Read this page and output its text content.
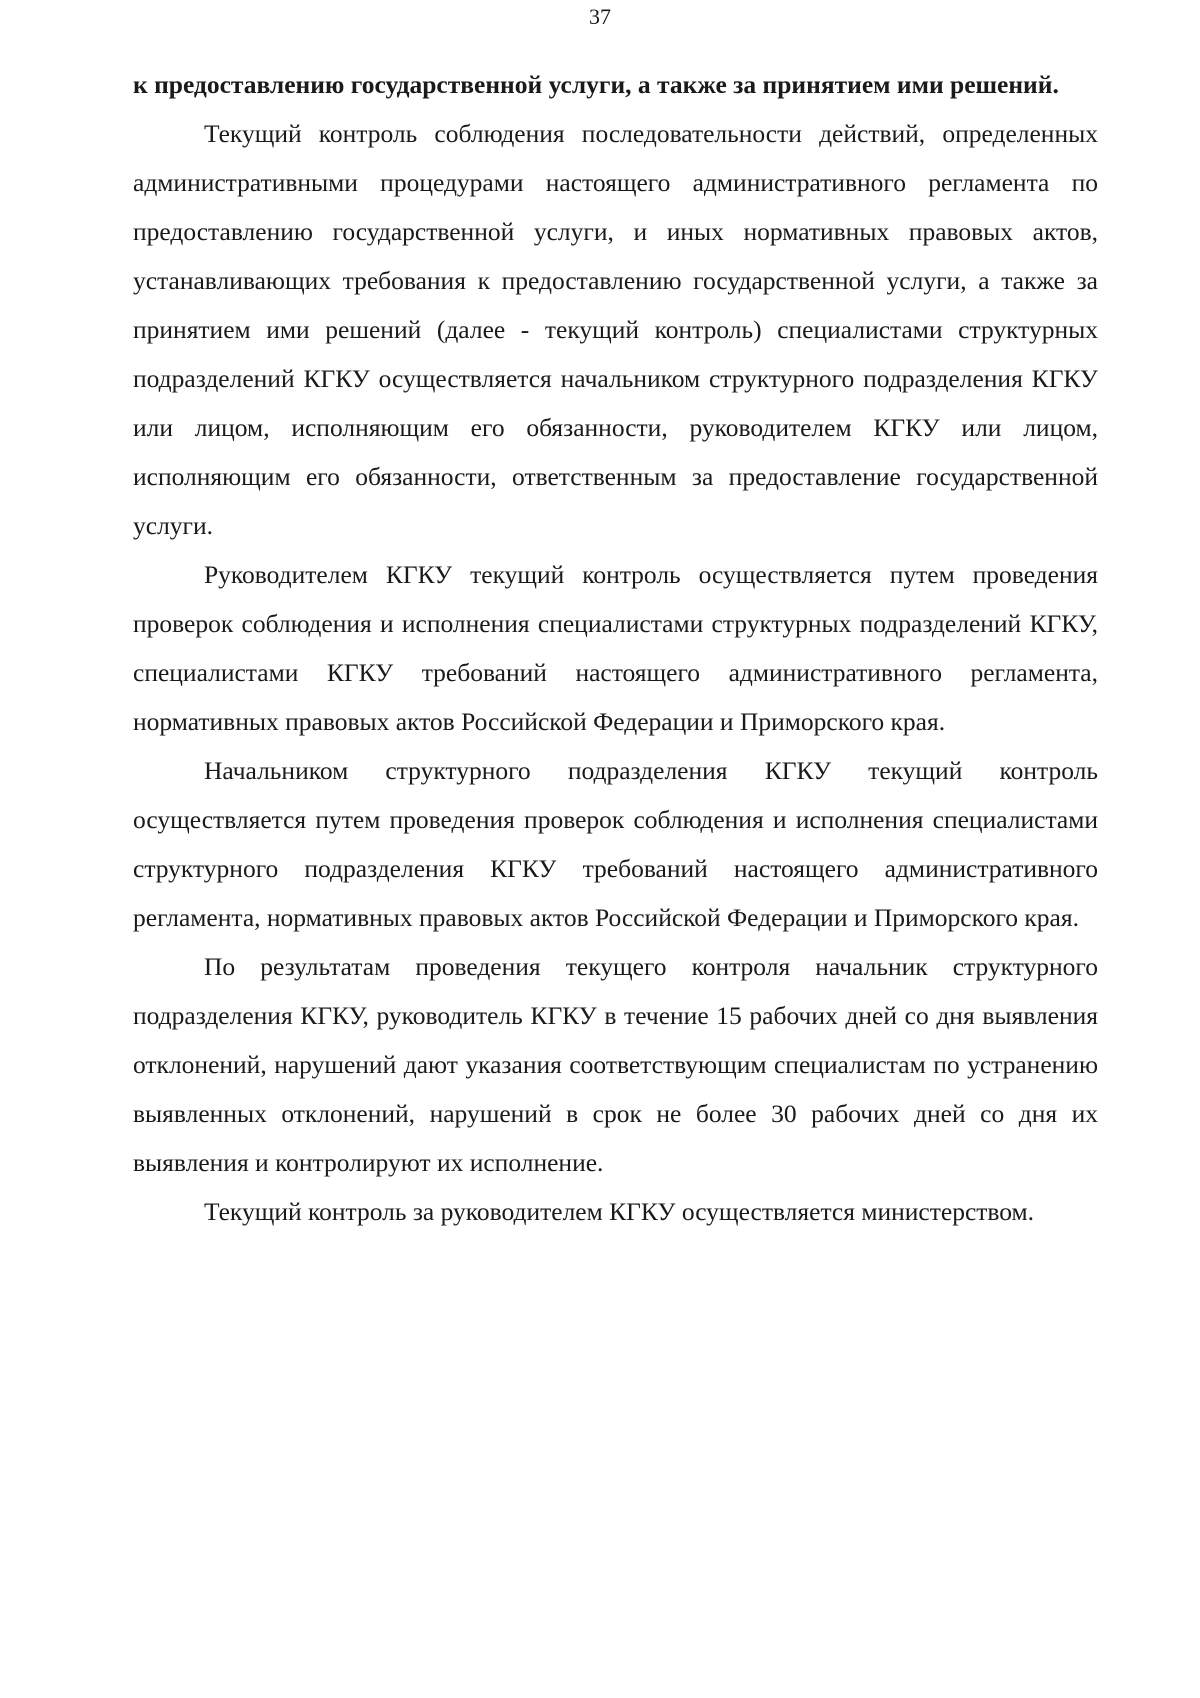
37

к предоставлению государственной услуги, а также за принятием ими решений.

Текущий контроль соблюдения последовательности действий, определенных административными процедурами настоящего административного регламента по предоставлению государственной услуги, и иных нормативных правовых актов, устанавливающих требования к предоставлению государственной услуги, а также за принятием ими решений (далее - текущий контроль) специалистами структурных подразделений КГКУ осуществляется начальником структурного подразделения КГКУ или лицом, исполняющим его обязанности, руководителем КГКУ или лицом, исполняющим его обязанности, ответственным за предоставление государственной услуги.

Руководителем КГКУ текущий контроль осуществляется путем проведения проверок соблюдения и исполнения специалистами структурных подразделений КГКУ, специалистами КГКУ требований настоящего административного регламента, нормативных правовых актов Российской Федерации и Приморского края.

Начальником структурного подразделения КГКУ текущий контроль осуществляется путем проведения проверок соблюдения и исполнения специалистами структурного подразделения КГКУ требований настоящего административного регламента, нормативных правовых актов Российской Федерации и Приморского края.

По результатам проведения текущего контроля начальник структурного подразделения КГКУ, руководитель КГКУ в течение 15 рабочих дней со дня выявления отклонений, нарушений дают указания соответствующим специалистам по устранению выявленных отклонений, нарушений в срок не более 30 рабочих дней со дня их выявления и контролируют их исполнение.

Текущий контроль за руководителем КГКУ осуществляется министерством.
